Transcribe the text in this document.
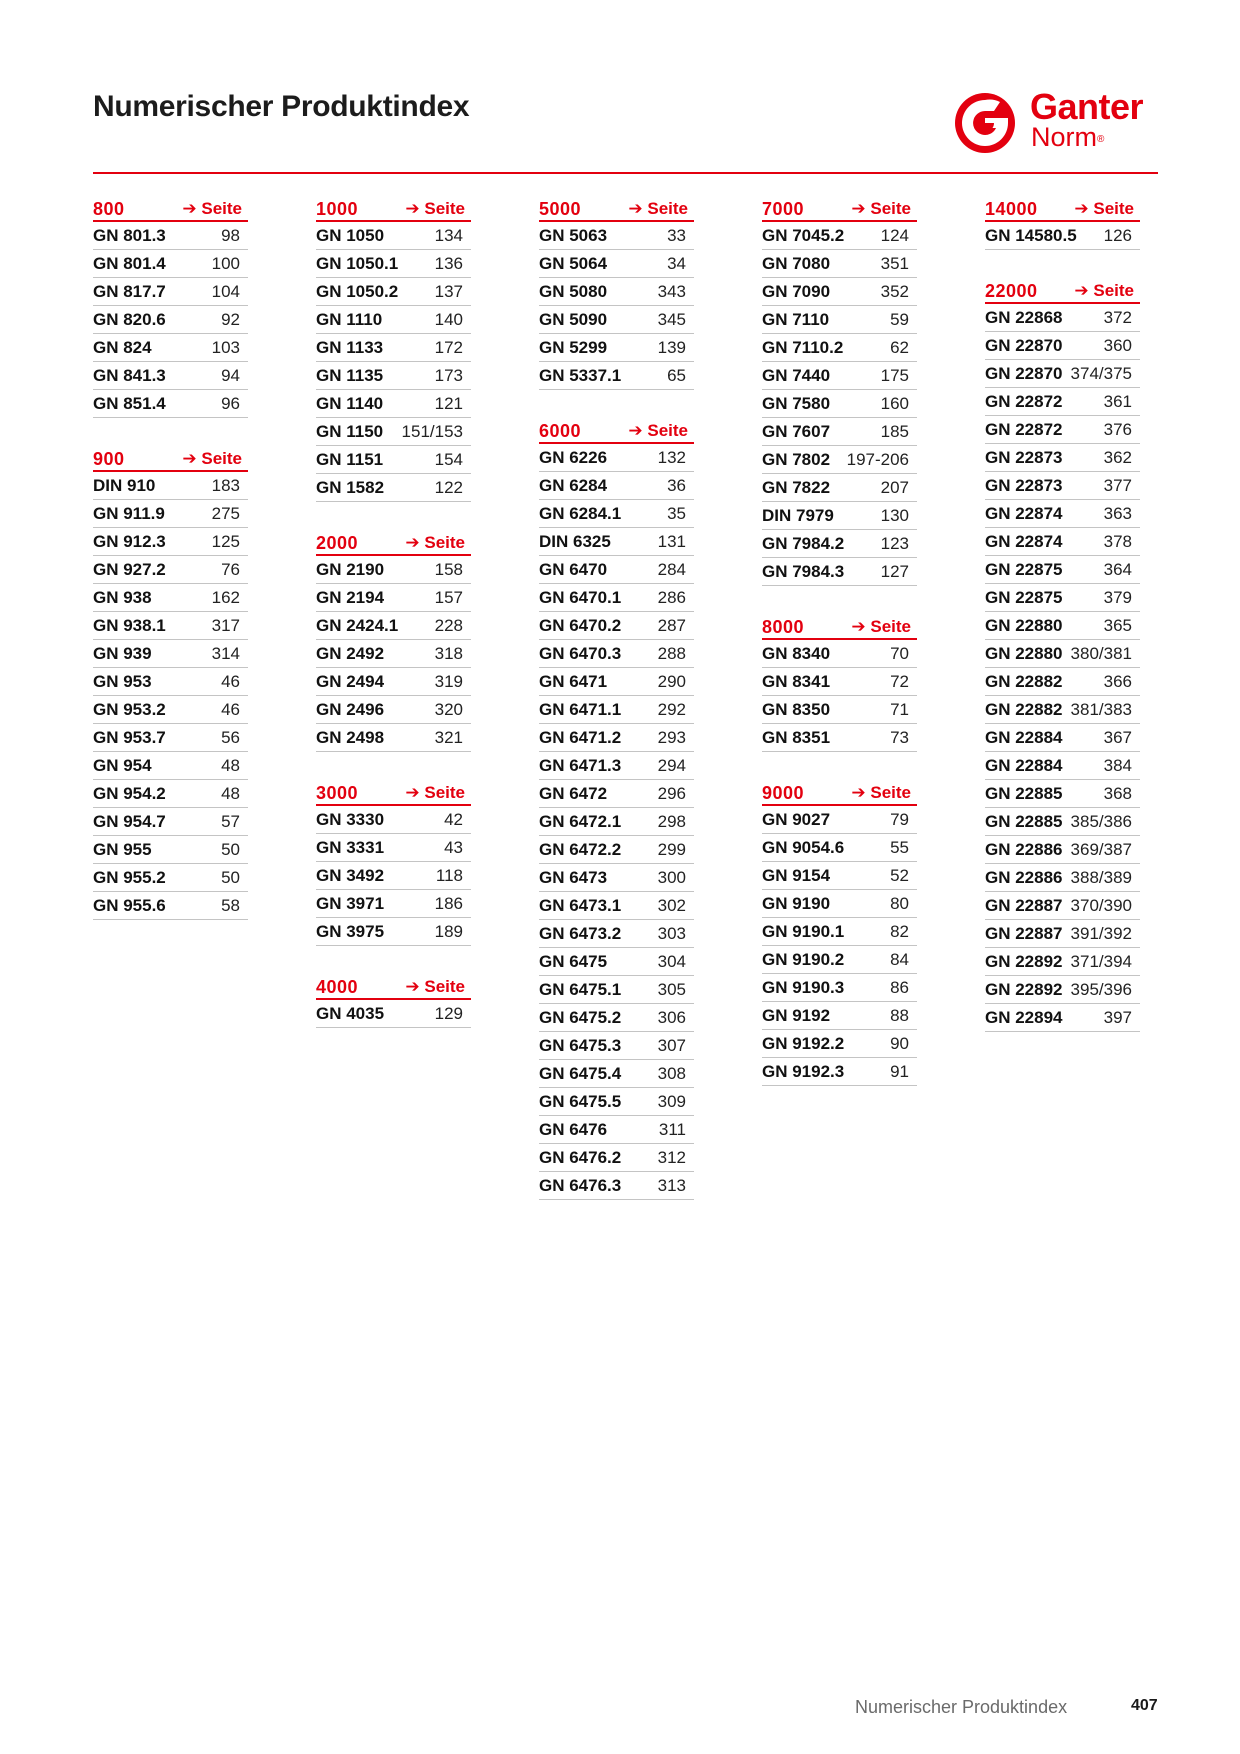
Numerischer Produktindex	Ganter
Norm®
800	➔ Seite
GN 801.3	98
GN 801.4	100
GN 817.7	104
GN 820.6	92
GN 824	103
GN 841.3	94
GN 851.4	96
900	➔ Seite
DIN 910	183
GN 911.9	275
GN 912.3	125
GN 927.2	76
GN 938	162
GN 938.1	317
GN 939	314
GN 953	46
GN 953.2	46
GN 953.7	56
GN 954	48
GN 954.2	48
GN 954.7	57
GN 955	50
GN 955.2	50
GN 955.6	58
1000	➔ Seite
GN 1050	134
GN 1050.1 136
GN 1050.2 137
GN 1110	140
GN 1133	172
GN 1135	173
GN 1140	121
GN 1150 151/153
GN 1151	154
GN 1582	122
2000	➔ Seite
GN 2190	158
GN 2194	157
GN 2424.1 228
GN 2492	318
GN 2494	319
GN 2496	320
GN 2498	321
3000	➔ Seite
GN 3330	42
GN 3331	43
GN 3492	118
GN 3971	186
GN 3975	189
4000	➔ Seite
GN 4035	129
5000	➔ Seite
GN 5063	33
GN 5064	34
GN 5080	343
GN 5090	345
GN 5299	139
GN 5337.1	65
6000	➔ Seite
GN 6226	132
GN 6284	36
GN 6284.1	35
DIN 6325	131
GN 6470	284
GN 6470.1 286
GN 6470.2 287
GN 6470.3 288
GN 6471	290
GN 6471.1 292
GN 6471.2 293
GN 6471.3 294
GN 6472	296
GN 6472.1 298
GN 6472.2 299
GN 6473	300
GN 6473.1 302
GN 6473.2 303
GN 6475	304
GN 6475.1 305
GN 6475.2 306
GN 6475.3 307
GN 6475.4 308
GN 6475.5 309
GN 6476	311
GN 6476.2 312
GN 6476.3 313
7000	➔ Seite
GN 7045.2 124
GN 7080	351
GN 7090	352
GN 7110	59
GN 7110.2	62
GN 7440	175
GN 7580	160
GN 7607	185
GN 7802 197-206
GN 7822	207
DIN 7979	130
GN 7984.2 123
GN 7984.3 127
8000	➔ Seite
GN 8340	70
GN 8341	72
GN 8350	71
GN 8351	73
9000	➔ Seite
GN 9027	79
GN 9054.6	55
GN 9154	52
GN 9190	80
GN 9190.1	82
GN 9190.2	84
GN 9190.3	86
GN 9192	88
GN 9192.2	90
GN 9192.3	91
14000 ➔ Seite
GN 14580.5 126
22000 ➔ Seite
GN 22868 372
GN 22870 360
GN 22870 374/375
GN 22872 361
GN 22872 376
GN 22873 362
GN 22873 377
GN 22874 363
GN 22874 378
GN 22875 364
GN 22875 379
GN 22880 365
GN 22880 380/381
GN 22882 366
GN 22882 381/383
GN 22884 367
GN 22884 384
GN 22885 368
GN 22885 385/386
GN 22886 369/387
GN 22886 388/389
GN 22887 370/390
GN 22887 391/392
GN 22892 371/394
GN 22892 395/396
GN 22894 397
Numerischer Produktindex	407
